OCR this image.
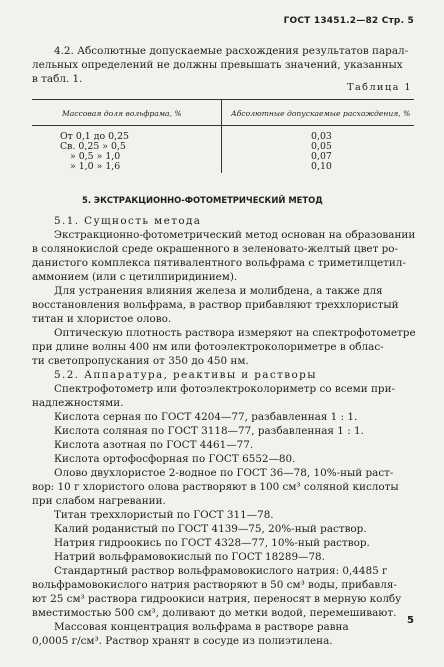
ГОСТ 13451.2—82 Стр. 5
4.2. Абсолютные допускаемые расхождения результатов парал-
лельных определений не должны превышать значений, указанных
в табл. 1.
Таблица 1
Массовая доля вольфрама, %	Абсолютные допускаемые расхождения, %
От 0,1 до 0,25	0,03
Св. 0,25 » 0,5	0,05
» 0,5 » 1,0	0,07
» 1,0 » 1,6	0,10
5. ЭКСТРАКЦИОННО-ФОТОМЕТРИЧЕСКИЙ МЕТОД
5.1. Сущность метода
Экстракционно-фотометрический метод основан на образовании
в солянокислой среде окрашенного в зеленовато-желтый цвет ро-
данистого комплекса пятивалентного вольфрама с триметилцетил-
аммонием (или с цетилпиридинием).
Для устранения влияния железа и молибдена, а также для
восстановления вольфрама, в раствор прибавляют треххлористый
титан и хлористое олово.
Оптическую плотность раствора измеряют на спектрофотометре
при длине волны 400 нм или фотоэлектроколориметре в облас-
ти светопропускания от 350 до 450 нм.
5.2. Аппаратура, реактивы и растворы
Спектрофотометр или фотоэлектроколориметр со всеми при-
надлежностями.
Кислота серная по ГОСТ 4204—77, разбавленная 1 : 1.
Кислота соляная по ГОСТ 3118—77, разбавленная 1 : 1.
Кислота азотная по ГОСТ 4461—77.
Кислота ортофосфорная по ГОСТ 6552—80.
Олово двухлористое 2-водное по ГОСТ 36—78, 10%-ный раст-
вор: 10 г хлористого олова растворяют в 100 см³ соляной кислоты
при слабом нагревании.
Титан треххлористый по ГОСТ 311—78.
Калий роданистый по ГОСТ 4139—75, 20%-ный раствор.
Натрия гидроокись по ГОСТ 4328—77, 10%-ный раствор.
Натрий вольфрамовокислый по ГОСТ 18289—78.
Стандартный раствор вольфрамовокислого натрия: 0,4485 г
вольфрамовокислого натрия растворяют в 50 см³ воды, прибавля-
ют 25 см³ раствора гидроокиси натрия, переносят в мерную колбу
вместимостью 500 см³, доливают до метки водой, перемешивают.
Массовая концентрация вольфрама в растворе равна
0,0005 г/см³. Раствор хранят в сосуде из полиэтилена.
5
